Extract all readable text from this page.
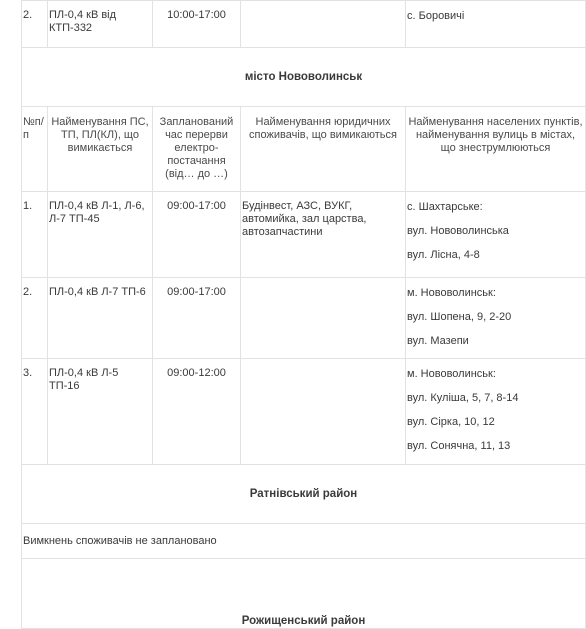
2.	ПЛ-0,4 кВ від КТП-332	10:00-17:00		с. Боровичі

місто Нововолинськ				
№п/п	Найменування ПС, ТП, ПЛ(КЛ), що вимикається	Запланований час перерви електро-постачання (від… до …)	Найменування юридичних споживачів, що вимикаються	Найменування населених пунктів, найменування вулиць в містах, що знеструмлюються
1.	ПЛ-0,4 кВ Л-1, Л-6, Л-7 ТП-45	09:00-17:00	Будінвест, АЗС, ВУКГ, автомийка, зал царства, автозапчастини	с. Шахтарське:
вул. Нововолинська
вул. Лісна, 4-8

2.	ПЛ-0,4 кВ Л-7 ТП-6	09:00-17:00		м. Нововолинськ:
вул. Шопена, 9, 2-20
вул. Мазепи

3.	ПЛ-0,4 кВ Л-5 ТП-16	09:00-12:00		м. Нововолинськ:
вул. Куліша, 5, 7, 8-14
вул. Сірка, 10, 12
вул. Сонячна, 11, 13

Ратнівський район				
Вимкнень споживачів не заплановано				
Рожищенський район				
